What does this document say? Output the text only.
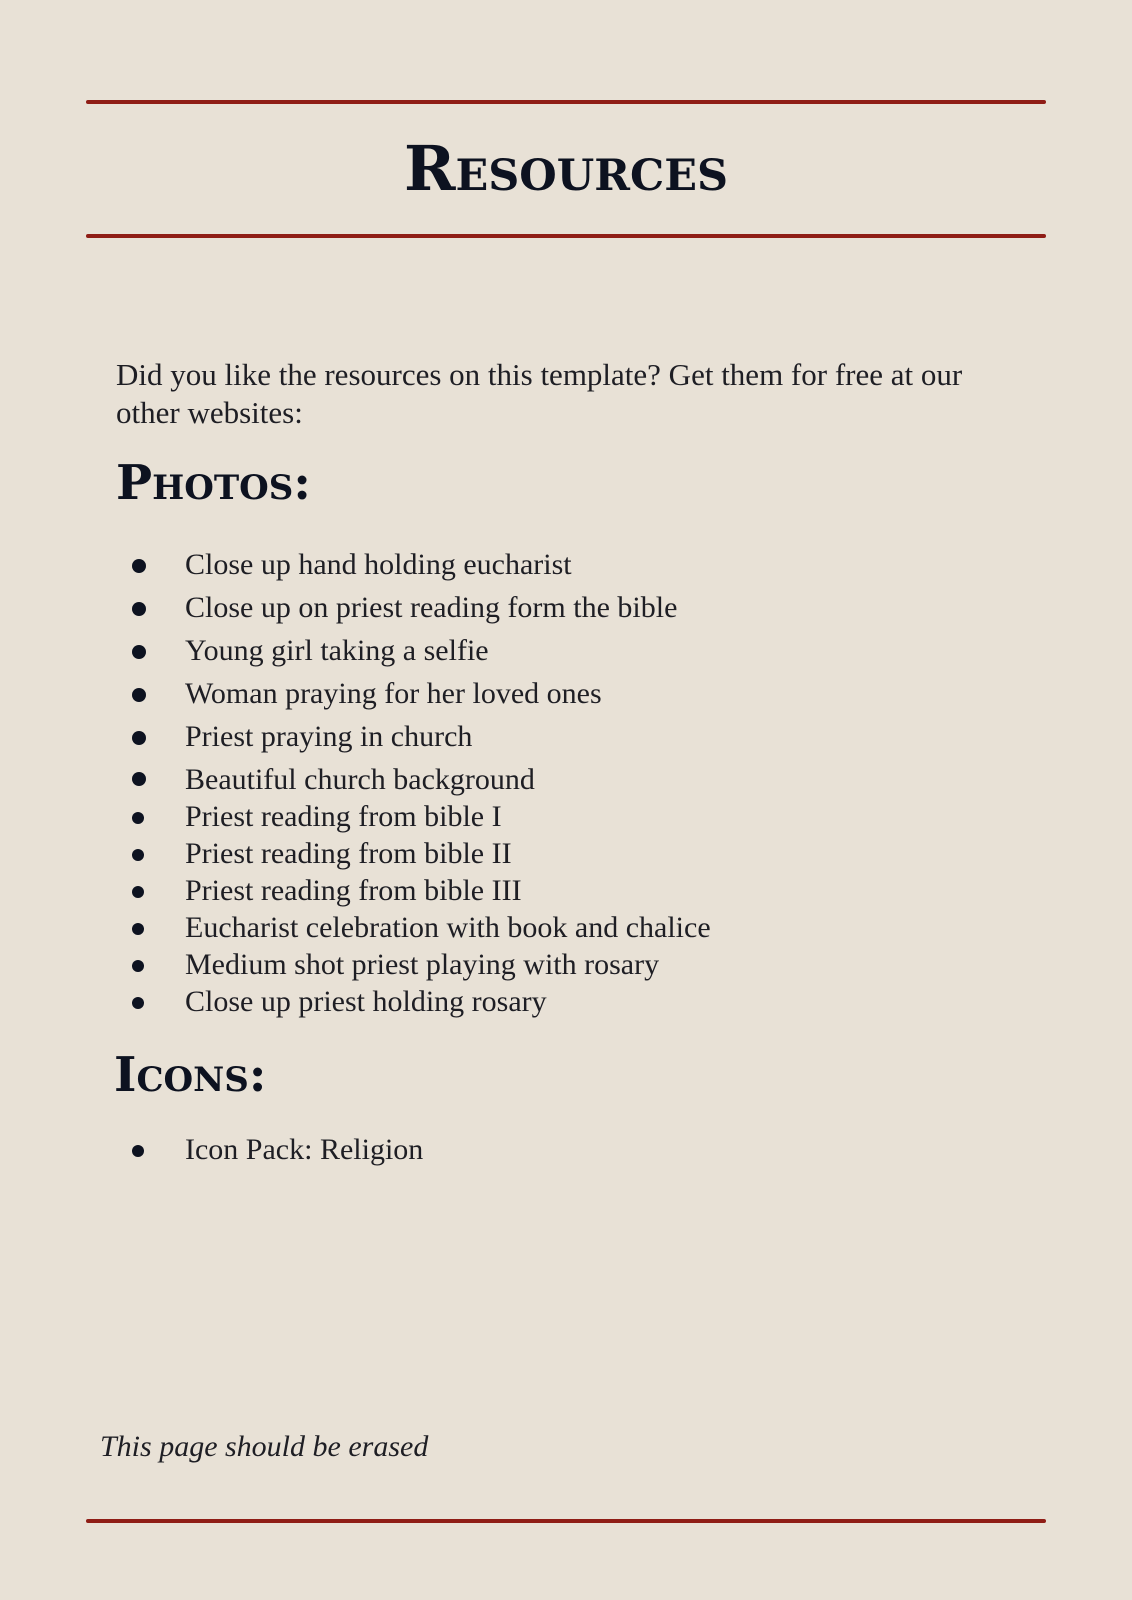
Resources
Did you like the resources on this template? Get them for free at our other websites:
Photos:
Close up hand holding eucharist
Close up on priest reading form the bible
Young girl taking a selfie
Woman praying for her loved ones
Priest praying in church
Beautiful church background
Priest reading from bible I
Priest reading from bible II
Priest reading from bible III
Eucharist celebration with book and chalice
Medium shot priest playing with rosary
Close up priest holding rosary
Icons:
Icon Pack: Religion
This page should be erased
